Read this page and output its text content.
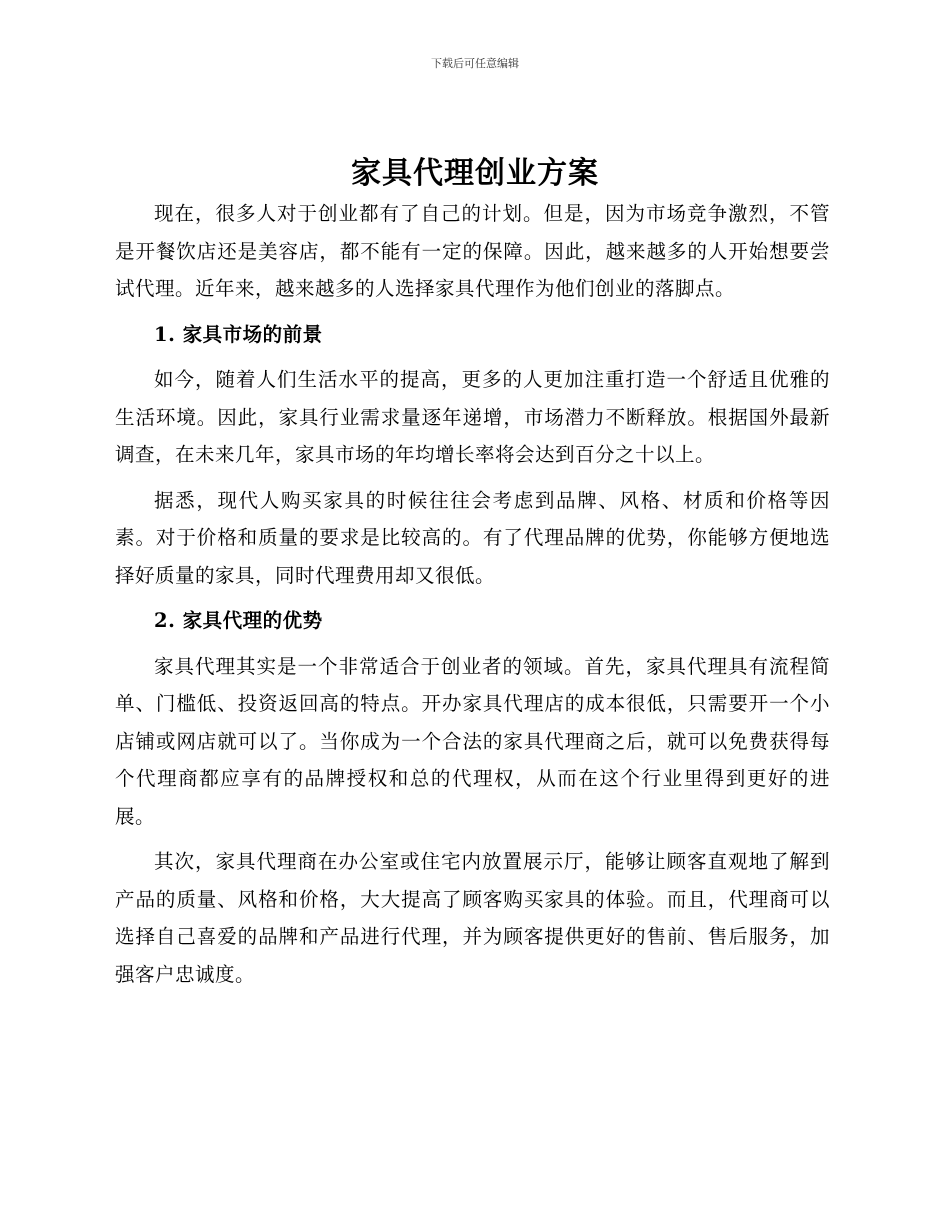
下载后可任意编辑
家具代理创业方案

现在，很多人对于创业都有了自己的计划。但是，因为市场竞争激烈，不管是开餐饮店还是美容店，都不能有一定的保障。因此，越来越多的人开始想要尝试代理。近年来，越来越多的人选择家具代理作为他们创业的落脚点。

1. 家具市场的前景

如今，随着人们生活水平的提高，更多的人更加注重打造一个舒适且优雅的生活环境。因此，家具行业需求量逐年递增，市场潜力不断释放。根据国外最新调查，在未来几年，家具市场的年均增长率将会达到百分之十以上。

据悉，现代人购买家具的时候往往会考虑到品牌、风格、材质和价格等因素。对于价格和质量的要求是比较高的。有了代理品牌的优势，你能够方便地选择好质量的家具，同时代理费用却又很低。

2. 家具代理的优势

家具代理其实是一个非常适合于创业者的领域。首先，家具代理具有流程简单、门槛低、投资返回高的特点。开办家具代理店的成本很低，只需要开一个小店铺或网店就可以了。当你成为一个合法的家具代理商之后，就可以免费获得每个代理商都应享有的品牌授权和总的代理权，从而在这个行业里得到更好的进展。

其次，家具代理商在办公室或住宅内放置展示厅，能够让顾客直观地了解到产品的质量、风格和价格，大大提高了顾客购买家具的体验。而且，代理商可以选择自己喜爱的品牌和产品进行代理，并为顾客提供更好的售前、售后服务，加强客户忠诚度。
